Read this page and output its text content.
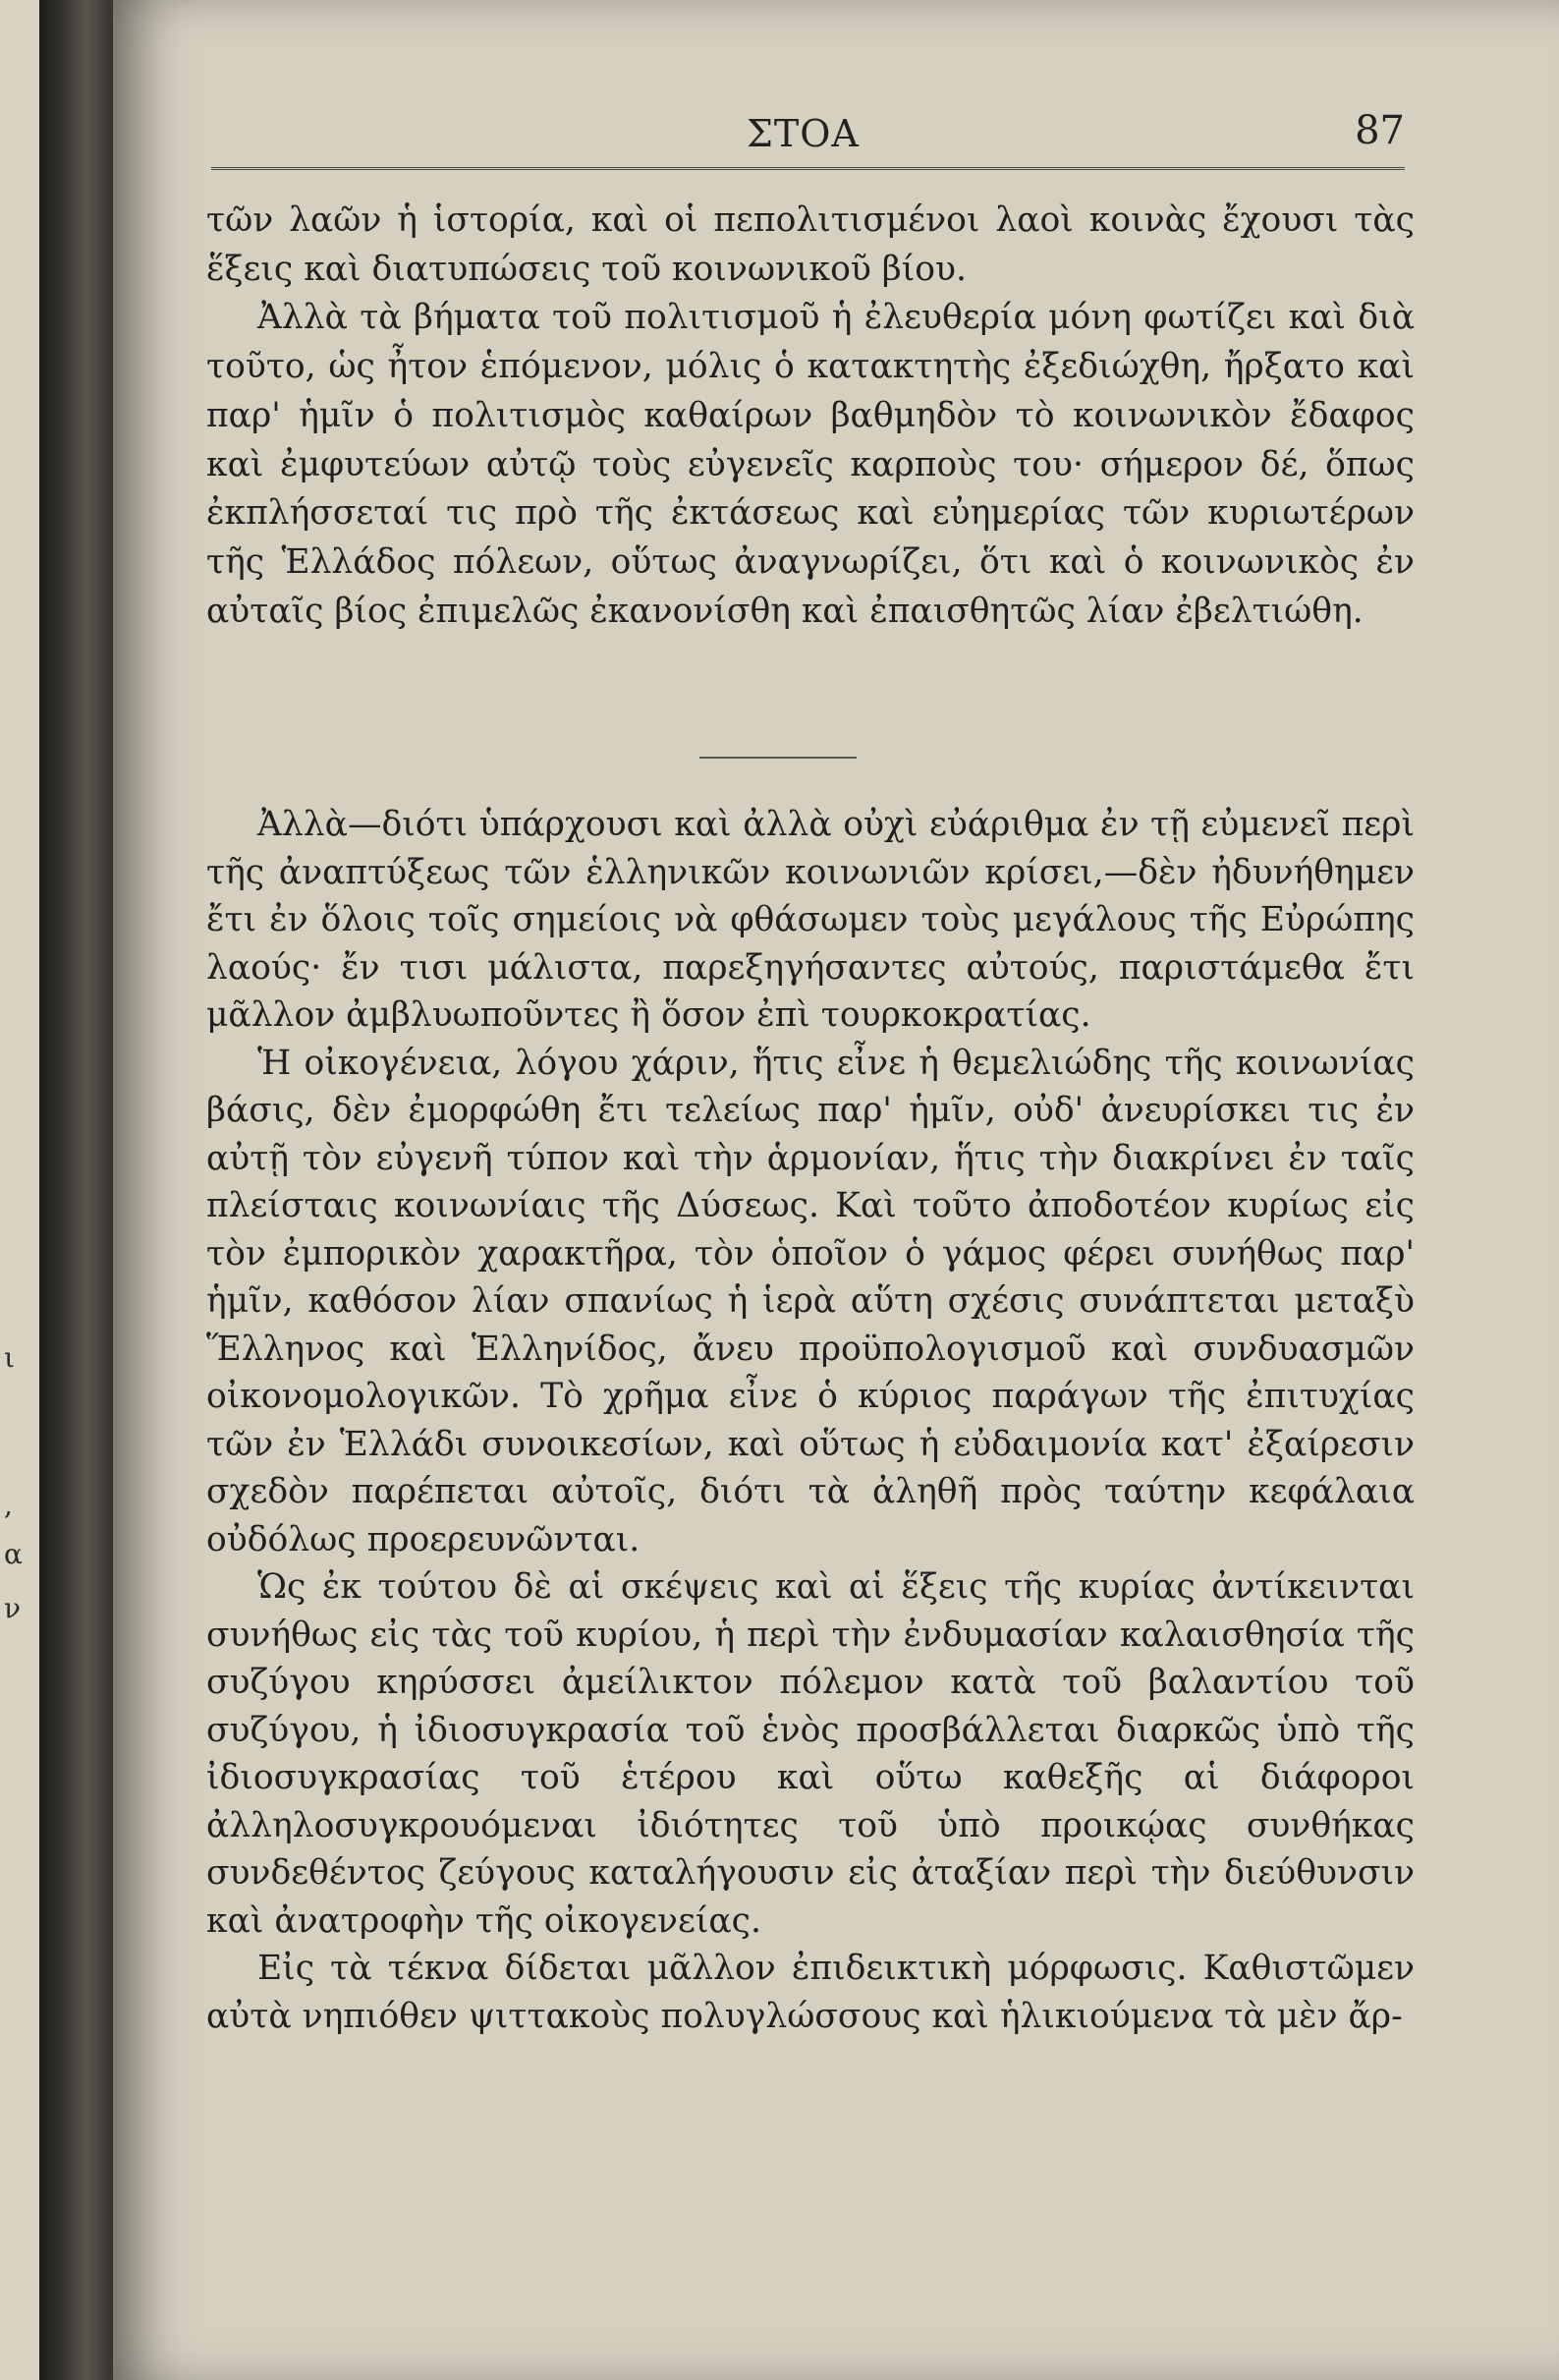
ι
,
α
ν
ΣΤΟΑ	87

τῶν λαῶν ἡ ἱστορία, καὶ οἱ πεπολιτισμένοι λαοὶ κοινὰς ἔχουσι τὰς ἕξεις καὶ διατυπώσεις τοῦ κοινωνικοῦ βίου.

Ἀλλὰ τὰ βήματα τοῦ πολιτισμοῦ ἡ ἐλευθερία μόνη φωτίζει καὶ διὰ τοῦτο, ὡς ἦτον ἑπόμενον, μόλις ὁ κατακτητὴς ἐξεδιώχθη, ἤρξατο καὶ παρ' ἡμῖν ὁ πολιτισμὸς καθαίρων βαθμηδὸν τὸ κοινωνικὸν ἔδαφος καὶ ἐμφυτεύων αὐτῷ τοὺς εὐγενεῖς καρποὺς του· σήμερον δέ, ὅπως ἐκπλήσσεταί τις πρὸ τῆς ἐκτάσεως καὶ εὐημερίας τῶν κυριωτέρων τῆς Ἑλλάδος πόλεων, οὕτως ἀναγνωρίζει, ὅτι καὶ ὁ κοινωνικὸς ἐν αὐταῖς βίος ἐπιμελῶς ἐκανονίσθη καὶ ἐπαισθητῶς λίαν ἐβελτιώθη.

Ἀλλὰ—διότι ὑπάρχουσι καὶ ἀλλὰ οὐχὶ εὐάριθμα ἐν τῇ εὐμενεῖ περὶ τῆς ἀναπτύξεως τῶν ἑλληνικῶν κοινωνιῶν κρίσει,—δὲν ἠδυνήθημεν ἔτι ἐν ὅλοις τοῖς σημείοις νὰ φθάσωμεν τοὺς μεγάλους τῆς Εὐρώπης λαούς· ἔν τισι μάλιστα, παρεξηγήσαντες αὐτούς, παριστάμεθα ἔτι μᾶλλον ἀμβλυωποῦντες ἢ ὅσον ἐπὶ τουρκοκρατίας.

Ἡ οἰκογένεια, λόγου χάριν, ἥτις εἶνε ἡ θεμελιώδης τῆς κοινωνίας βάσις, δὲν ἐμορφώθη ἔτι τελείως παρ' ἡμῖν, οὐδ' ἀνευρίσκει τις ἐν αὐτῇ τὸν εὐγενῆ τύπον καὶ τὴν ἁρμονίαν, ἥτις τὴν διακρίνει ἐν ταῖς πλείσταις κοινωνίαις τῆς Δύσεως. Καὶ τοῦτο ἀποδοτέον κυρίως εἰς τὸν ἐμπορικὸν χαρακτῆρα, τὸν ὁποῖον ὁ γάμος φέρει συνήθως παρ' ἡμῖν, καθόσον λίαν σπανίως ἡ ἱερὰ αὕτη σχέσις συνάπτεται μεταξὺ Ἕλληνος καὶ Ἑλληνίδος, ἄνευ προϋπολογισμοῦ καὶ συνδυασμῶν οἰκονομολογικῶν. Τὸ χρῆμα εἶνε ὁ κύριος παράγων τῆς ἐπιτυχίας τῶν ἐν Ἑλλάδι συνοικεσίων, καὶ οὕτως ἡ εὐδαιμονία κατ' ἐξαίρεσιν σχεδὸν παρέπεται αὐτοῖς, διότι τὰ ἀληθῆ πρὸς ταύτην κεφάλαια οὐδόλως προερευνῶνται.

Ὡς ἐκ τούτου δὲ αἱ σκέψεις καὶ αἱ ἕξεις τῆς κυρίας ἀντίκεινται συνήθως εἰς τὰς τοῦ κυρίου, ἡ περὶ τὴν ἐνδυμασίαν καλαισθησία τῆς συζύγου κηρύσσει ἀμείλικτον πόλεμον κατὰ τοῦ βαλαντίου τοῦ συζύγου, ἡ ἰδιοσυγκρασία τοῦ ἑνὸς προσβάλλεται διαρκῶς ὑπὸ τῆς ἰδιοσυγκρασίας τοῦ ἑτέρου καὶ οὕτω καθεξῆς αἱ διάφοροι ἀλληλοσυγκρουόμεναι ἰδιότητες τοῦ ὑπὸ προικῴας συνθήκας συνδεθέντος ζεύγους καταλήγουσιν εἰς ἀταξίαν περὶ τὴν διεύθυνσιν καὶ ἀνατροφὴν τῆς οἰκογενείας.

Εἰς τὰ τέκνα δίδεται μᾶλλον ἐπιδεικτικὴ μόρφωσις. Καθιστῶμεν αὐτὰ νηπιόθεν ψιττακοὺς πολυγλώσσους καὶ ἡλικιούμενα τὰ μὲν ἄρ-
